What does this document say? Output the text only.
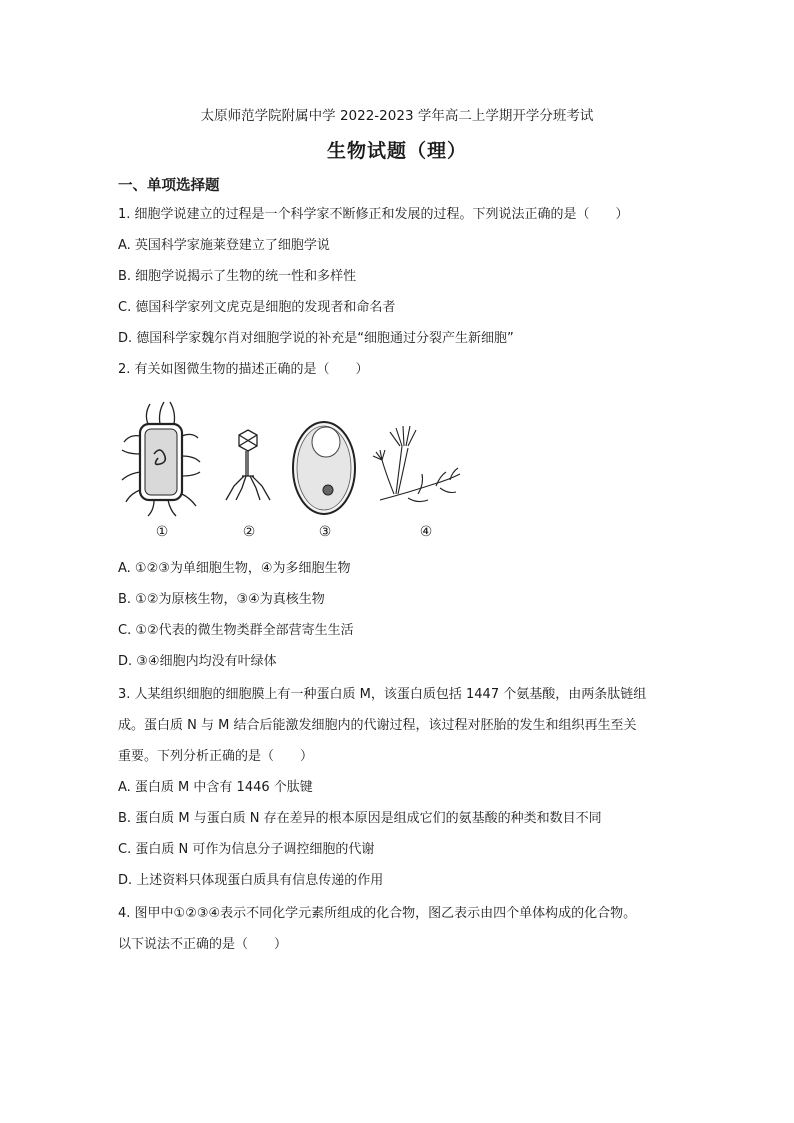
太原师范学院附属中学 2022-2023 学年高二上学期开学分班考试
生物试题（理）
一、单项选择题
1. 细胞学说建立的过程是一个科学家不断修正和发展的过程。下列说法正确的是（　　）
A. 英国科学家施莱登建立了细胞学说
B. 细胞学说揭示了生物的统一性和多样性
C. 德国科学家列文虎克是细胞的发现者和命名者
D. 德国科学家魏尔肖对细胞学说的补充是“细胞通过分裂产生新细胞”
2. 有关如图微生物的描述正确的是（　　）
①	②	③	④
A. ①②③为单细胞生物，④为多细胞生物
B. ①②为原核生物，③④为真核生物
C. ①②代表的微生物类群全部营寄生生活
D. ③④细胞内均没有叶绿体
3. 人某组织细胞的细胞膜上有一种蛋白质 M，该蛋白质包括 1447 个氨基酸，由两条肽链组
成。蛋白质 N 与 M 结合后能激发细胞内的代谢过程，该过程对胚胎的发生和组织再生至关
重要。下列分析正确的是（　　）
A. 蛋白质 M 中含有 1446 个肽键
B. 蛋白质 M 与蛋白质 N 存在差异的根本原因是组成它们的氨基酸的种类和数目不同
C. 蛋白质 N 可作为信息分子调控细胞的代谢
D. 上述资料只体现蛋白质具有信息传递的作用
4. 图甲中①②③④表示不同化学元素所组成的化合物，图乙表示由四个单体构成的化合物。
以下说法不正确的是（　　）
